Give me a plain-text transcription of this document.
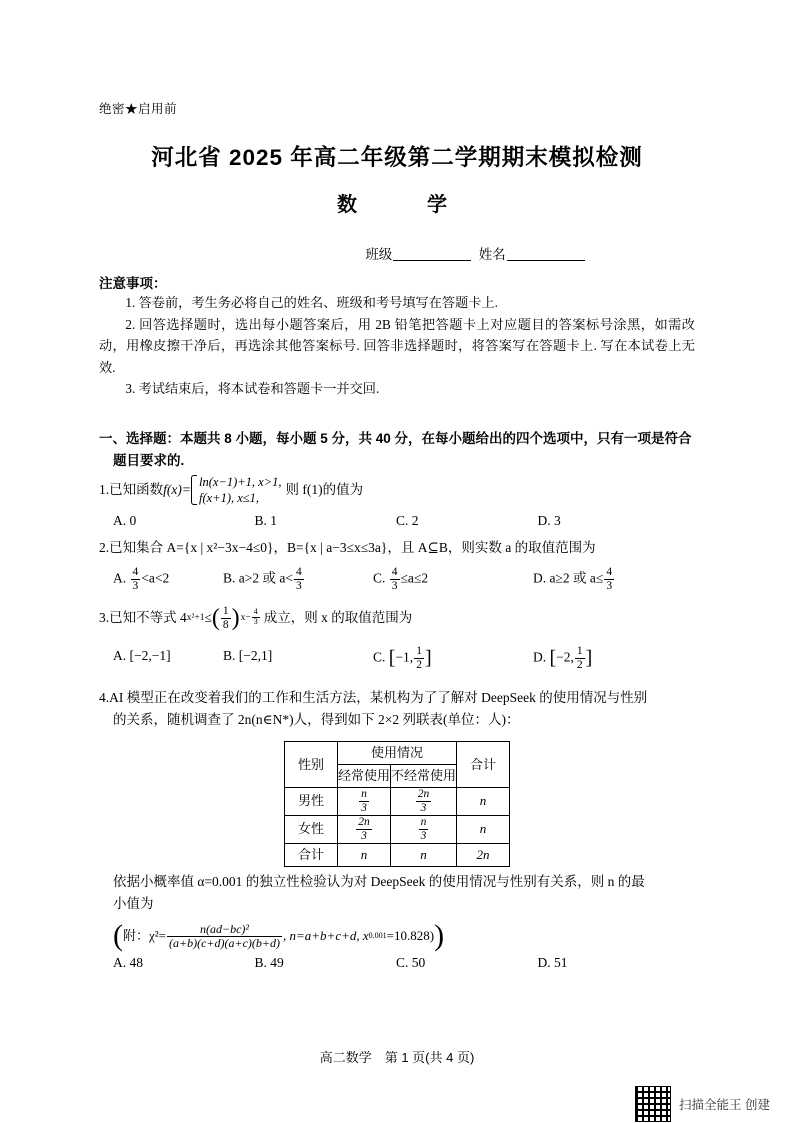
绝密★启用前
河北省 2025 年高二年级第二学期期末模拟检测
数　　学
班级	姓名
注意事项：

1. 答卷前，考生务必将自己的姓名、班级和考号填写在答题卡上.

2. 回答选择题时，选出每小题答案后，用 2B 铅笔把答题卡上对应题目的答案标号涂黑，如需改动，用橡皮擦干净后，再选涂其他答案标号. 回答非选择题时，将答案写在答题卡上. 写在本试卷上无效.

3. 考试结束后，将本试卷和答题卡一并交回.

一、选择题：本题共 8 小题，每小题 5 分，共 40 分，在每小题给出的四个选项中，只有一项是符合
题目要求的.
1. 已知函数 f(x)= ln(x−1)+1, x>1,
f(x+1), x≤1,
则 f(1)的值为
A. 0	B. 1	C. 2	D. 3
2.已知集合 A={x | x²−3x−4≤0}，B={x | a−3≤x≤3a}，且 A⊆B，则实数 a 的取值范围为
A. $\frac{4}{3} <a<2$	B. a>2 或 $a< \frac{4}{3}$	C. $\frac{4}{3} \le a\le 2$	D. a≥2 或 $a\le \frac{4}{3}$
3. 已知不等式 4 x²+1 ≤ ( $\frac{1}{8}$ ) $x- \frac{4}{3}$ 成立，则 x 的取值范围为
A. [−2,−1]	B. [−2,1]	C. [−1, $\frac{1}{2}$ ]	D. [−2, $\frac{1}{2}$ ]
4.AI 模型正在改变着我们的工作和生活方法，某机构为了了解对 DeepSeek 的使用情况与性别
的关系，随机调查了 2n(n∈N*)人，得到如下 2×2 列联表(单位：人)：
性别	使用情况		合计
	经常使用	不经常使用	
男性	$\frac{n}{3}$	$\frac{2n}{3}$	n
女性	$\frac{2n}{3}$	$\frac{n}{3}$	n
合计	n	n	2n
依据小概率值 α=0.001 的独立性检验认为对 DeepSeek 的使用情况与性别有关系，则 n 的最
小值为
( 附：$\chi^2= \frac{\text{n(ad−bc)²}}{(a+b)(c+d)(a+c)(b+d)}$ , n=a+b+c+d, x 0.001 =10.828) )
A. 48	B. 49	C. 50	D. 51
高二数学　第 1 页(共 4 页)
扫描全能王 创建
